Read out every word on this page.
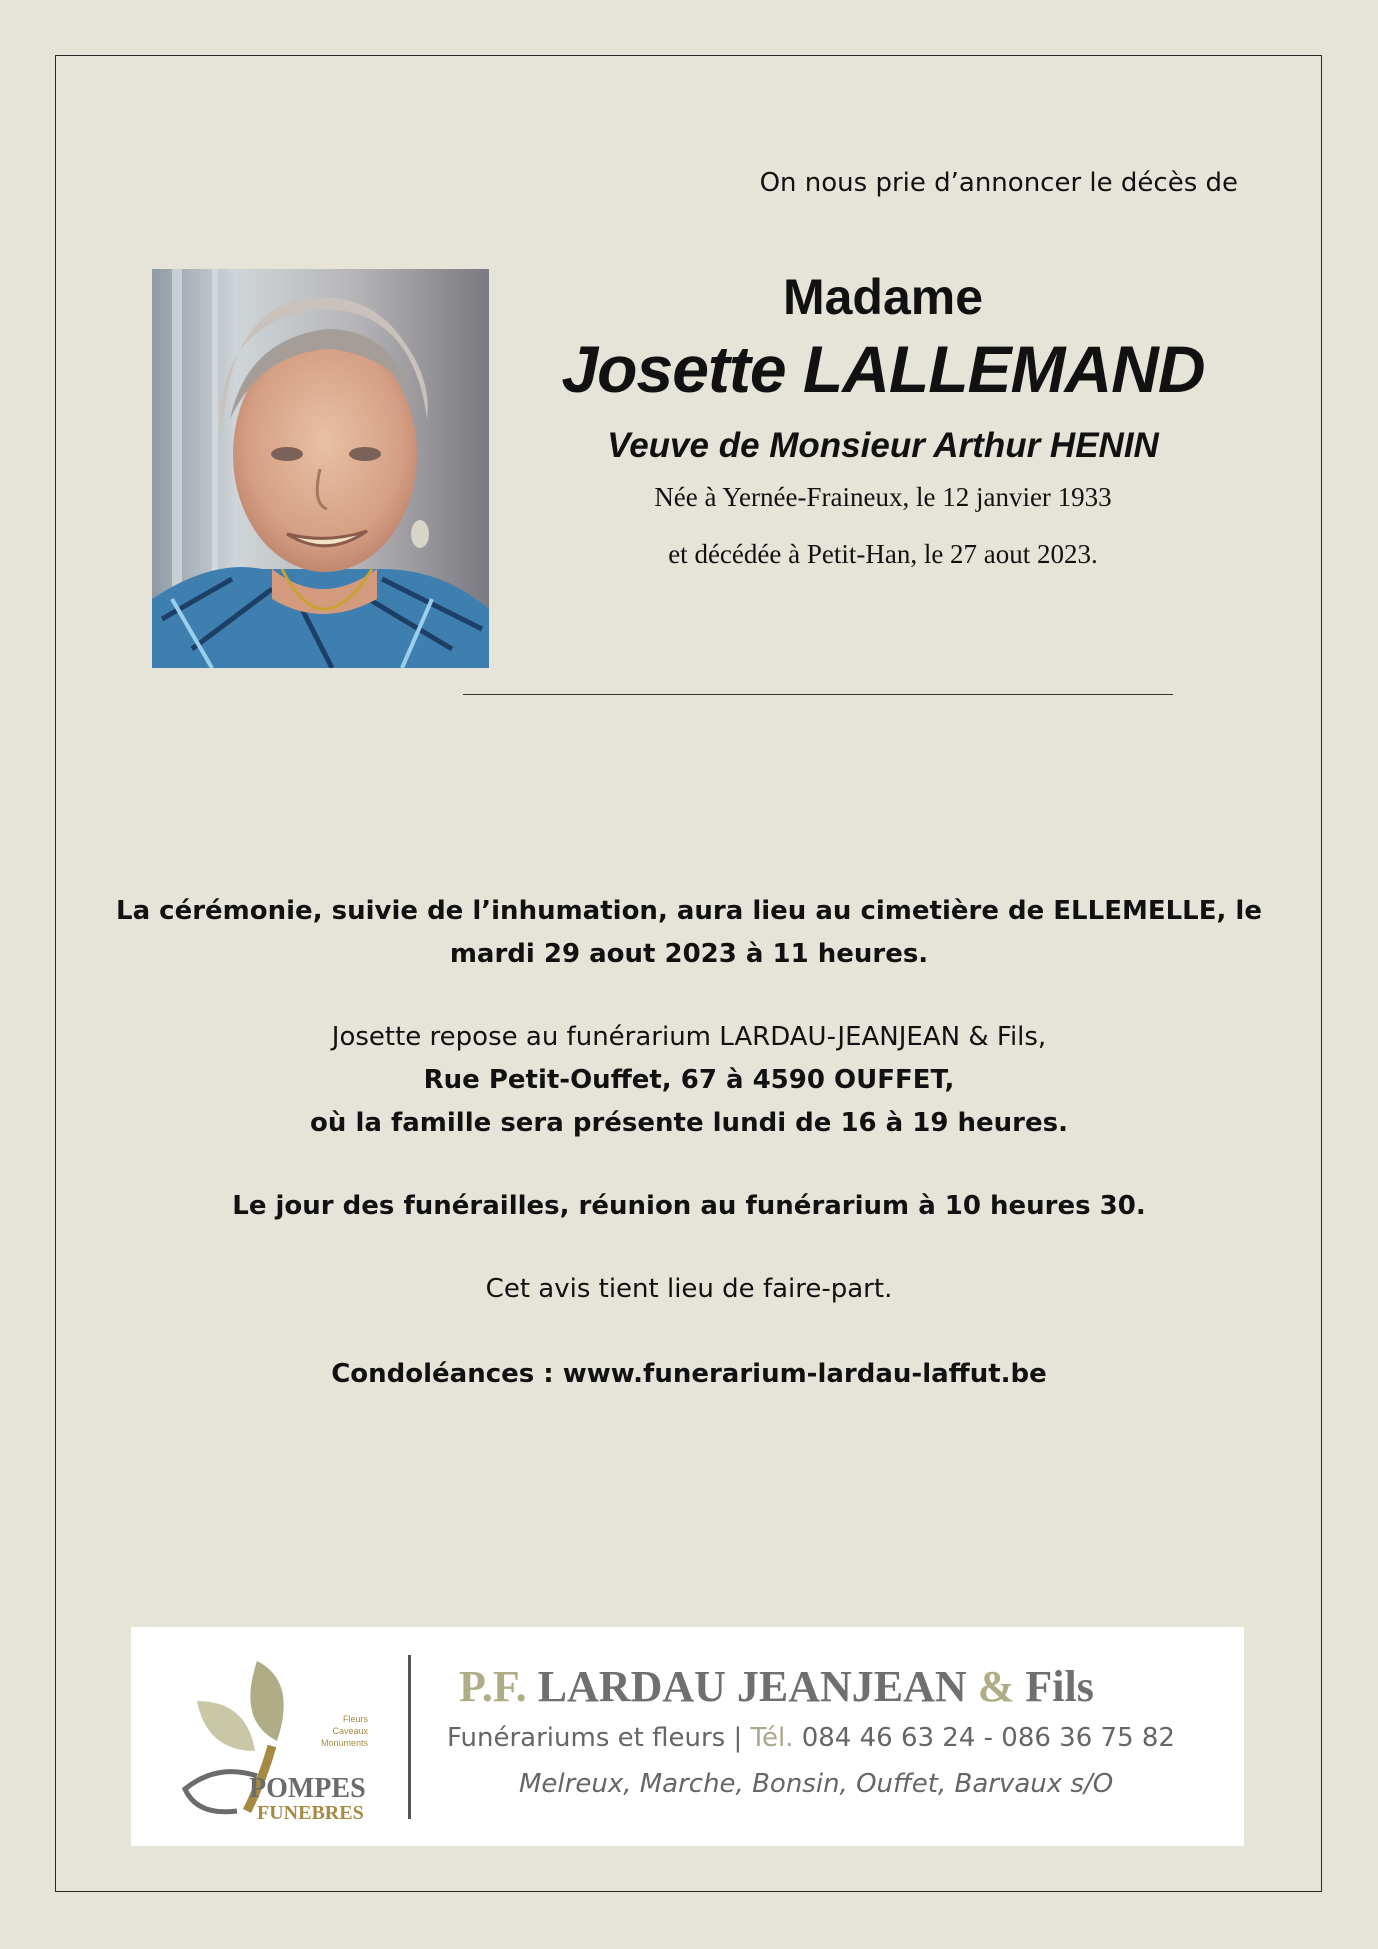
On nous prie d’annoncer le décès de
Madame
Josette LALLEMAND
Veuve de Monsieur Arthur HENIN
Née à Yernée-Fraineux, le 12 janvier 1933
et décédée à Petit-Han, le 27 aout 2023.

La cérémonie, suivie de l’inhumation, aura lieu au cimetière de ELLEMELLE, le

mardi 29 aout 2023 à 11 heures.

Josette repose au funérarium LARDAU-JEANJEAN & Fils,

Rue Petit-Ouffet, 67 à 4590 OUFFET,

où la famille sera présente lundi de 16 à 19 heures.

Le jour des funérailles, réunion au funérarium à 10 heures 30.

Cet avis tient lieu de faire-part.

Condoléances : www.funerarium-lardau-laffut.be

POMPES
FUNEBRES
Fleurs
Caveaux
Monuments
P.F. LARDAU JEANJEAN & Fils
Funérariums et fleurs | Tél. 084 46 63 24 - 086 36 75 82
Melreux, Marche, Bonsin, Ouffet, Barvaux s/O
